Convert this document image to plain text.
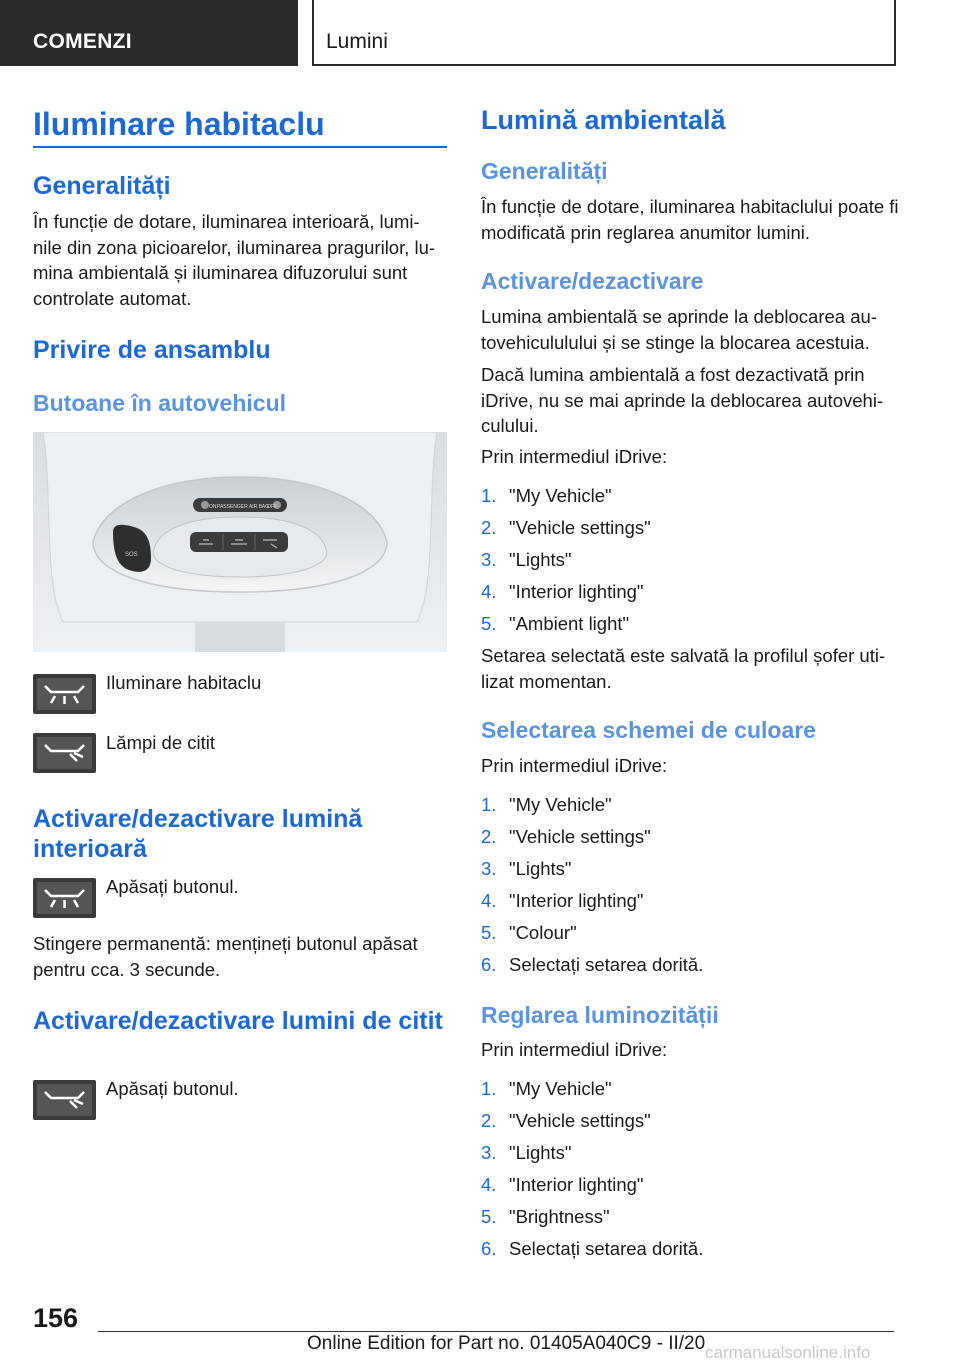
COMENZI	Lumini
Iluminare habitaclu
Generalități
În funcție de dotare, iluminarea interioară, lumi-nile din zona picioarelor, iluminarea pragurilor, lu-mina ambientală și iluminarea difuzorului sunt controlate automat.
Privire de ansamblu
Butoane în autovehicul
PASSENGER AIR BAG
ON	OFF
SOS
Iluminare habitaclu
Lămpi de citit
Activare/dezactivare lumină interioară
Apăsați butonul.
Stingere permanentă: mențineți butonul apăsat pentru cca. 3 secunde.
Activare/dezactivare lumini de citit
Apăsați butonul.
Lumină ambientală
Generalități
În funcție de dotare, iluminarea habitaclului poate fi modificată prin reglarea anumitor lumini.
Activare/dezactivare
Lumina ambientală se aprinde la deblocarea au-tovehicululului și se stinge la blocarea acestuia.
Dacă lumina ambientală a fost dezactivată prin iDrive, nu se mai aprinde la deblocarea autovehi-culului.
Prin intermediul iDrive:
1. "My Vehicle"
2. "Vehicle settings"
3. "Lights"
4. "Interior lighting"
5. "Ambient light"
Setarea selectată este salvată la profilul șofer uti-lizat momentan.
Selectarea schemei de culoare
Prin intermediul iDrive:
1. "My Vehicle"
2. "Vehicle settings"
3. "Lights"
4. "Interior lighting"
5. "Colour"
6. Selectați setarea dorită.
Reglarea luminozității
Prin intermediul iDrive:
1. "My Vehicle"
2. "Vehicle settings"
3. "Lights"
4. "Interior lighting"
5. "Brightness"
6. Selectați setarea dorită.
156
Online Edition for Part no. 01405A040C9 - II/20 carmanualsonline.info
